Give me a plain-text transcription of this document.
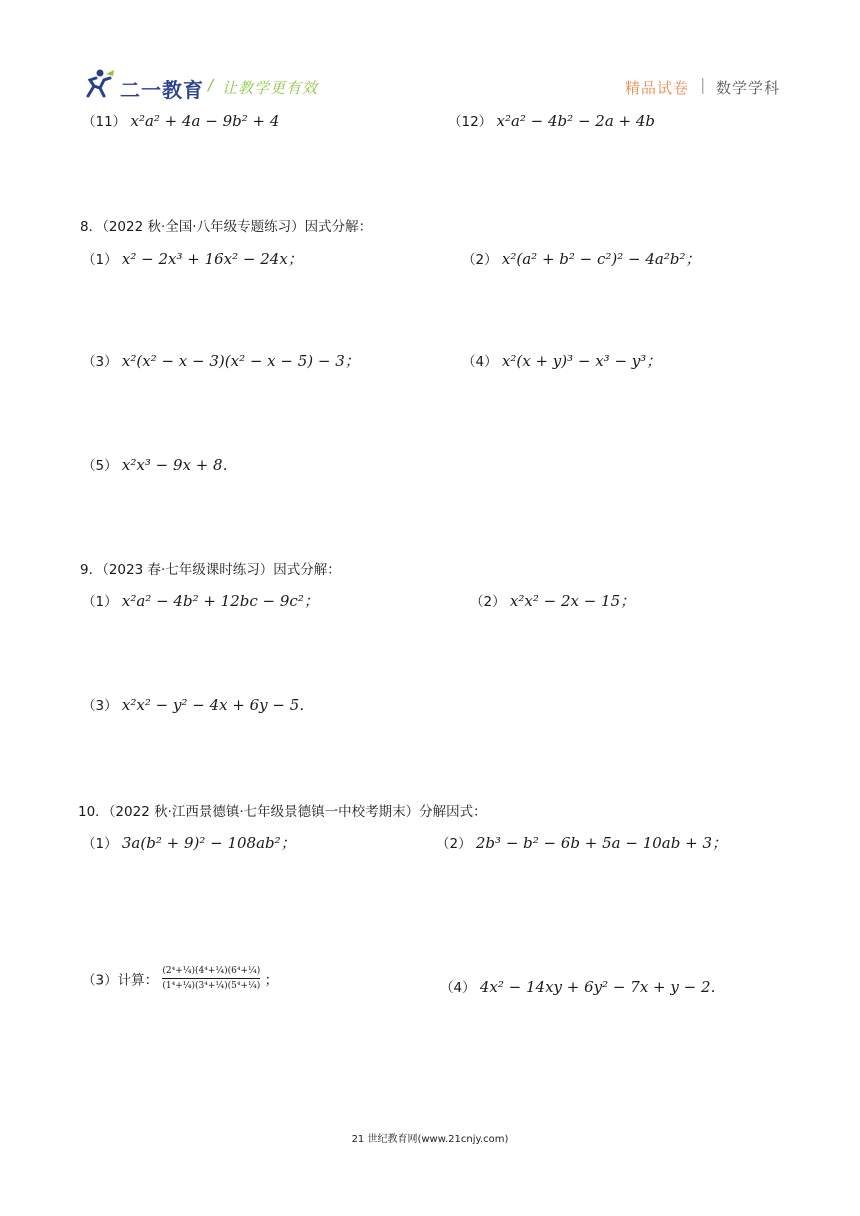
二一教育 / 让教学更有效	精品试卷 | 数学学科
（11） x²a² + 4a − 9b² + 4	（12） x²a² − 4b² − 2a + 4b
8．（2022 秋·全国·八年级专题练习）因式分解：
（1） x² − 2x³ + 16x² − 24x；	（2） x²(a² + b² − c²)² − 4a²b²；
（3） x²(x² − x − 3)(x² − x − 5) − 3；	（4） x²(x + y)³ − x³ − y³；
（5） x²x³ − 9x + 8．
9．（2023 春·七年级课时练习）因式分解：
（1） x²a² − 4b² + 12bc − 9c²；	（2） x²x² − 2x − 15；
（3） x²x² − y² − 4x + 6y − 5．
10．（2022 秋·江西景德镇·七年级景德镇一中校考期末）分解因式：
（1） 3a(b² + 9)² − 108ab²；	（2） 2b³ − b² − 6b + 5a − 10ab + 3；
（3）计算： $\frac{\text{(2⁴+¼)(4⁴+¼)(6⁴+¼)}}{\text{(1⁴+¼)(3⁴+¼)(5⁴+¼)}}$ ；	（4） 4x² − 14xy + 6y² − 7x + y − 2．
21 世纪教育网(www.21cnjy.com)
